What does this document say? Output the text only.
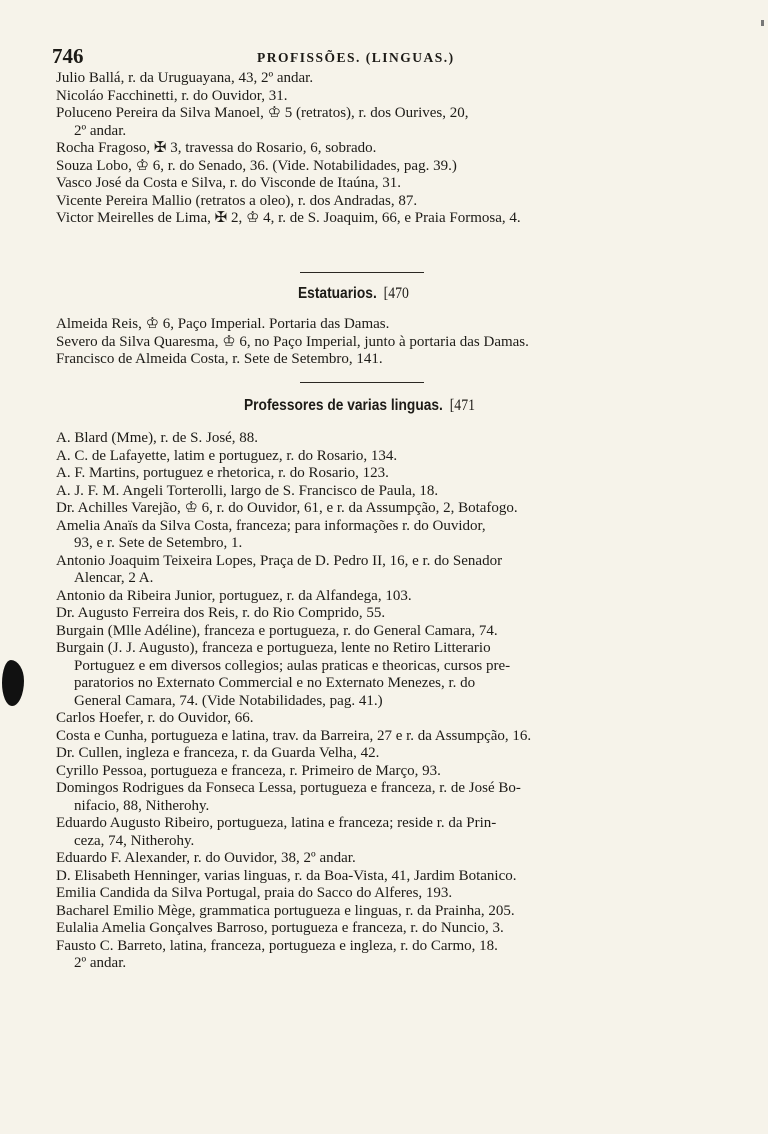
746	PROFISSÕES. (LINGUAS.)
Julio Ballá, r. da Uruguayana, 43, 2º andar.
Nicoláo Facchinetti, r. do Ouvidor, 31.
Poluceno Pereira da Silva Manoel, ♔ 5 (retratos), r. dos Ourives, 20,
2º andar.
Rocha Fragoso, ✠ 3, travessa do Rosario, 6, sobrado.
Souza Lobo, ♔ 6, r. do Senado, 36. (Vide. Notabilidades, pag. 39.)
Vasco José da Costa e Silva, r. do Visconde de Itaúna, 31.
Vicente Pereira Mallio (retratos a oleo), r. dos Andradas, 87.
Victor Meirelles de Lima, ✠ 2, ♔ 4, r. de S. Joaquim, 66, e Praia Formosa, 4.
Estatuarios. [470
Almeida Reis, ♔ 6, Paço Imperial. Portaria das Damas.
Severo da Silva Quaresma, ♔ 6, no Paço Imperial, junto à portaria das Damas.
Francisco de Almeida Costa, r. Sete de Setembro, 141.
Professores de varias linguas. [471
A. Blard (Mme), r. de S. José, 88.
A. C. de Lafayette, latim e portuguez, r. do Rosario, 134.
A. F. Martins, portuguez e rhetorica, r. do Rosario, 123.
A. J. F. M. Angeli Torterolli, largo de S. Francisco de Paula, 18.
Dr. Achilles Varejão, ♔ 6, r. do Ouvidor, 61, e r. da Assumpção, 2, Botafogo.
Amelia Anaïs da Silva Costa, franceza; para informações r. do Ouvidor,
93, e r. Sete de Setembro, 1.
Antonio Joaquim Teixeira Lopes, Praça de D. Pedro II, 16, e r. do Senador
Alencar, 2 A.
Antonio da Ribeira Junior, portuguez, r. da Alfandega, 103.
Dr. Augusto Ferreira dos Reis, r. do Rio Comprido, 55.
Burgain (Mlle Adéline), franceza e portugueza, r. do General Camara, 74.
Burgain (J. J. Augusto), franceza e portugueza, lente no Retiro Litterario
Portuguez e em diversos collegios; aulas praticas e theoricas, cursos pre-
paratorios no Externato Commercial e no Externato Menezes, r. do
General Camara, 74. (Vide Notabilidades, pag. 41.)
Carlos Hoefer, r. do Ouvidor, 66.
Costa e Cunha, portugueza e latina, trav. da Barreira, 27 e r. da Assumpção, 16.
Dr. Cullen, ingleza e franceza, r. da Guarda Velha, 42.
Cyrillo Pessoa, portugueza e franceza, r. Primeiro de Março, 93.
Domingos Rodrigues da Fonseca Lessa, portugueza e franceza, r. de José Bo-
nifacio, 88, Nitherohy.
Eduardo Augusto Ribeiro, portugueza, latina e franceza; reside r. da Prin-
ceza, 74, Nitherohy.
Eduardo F. Alexander, r. do Ouvidor, 38, 2º andar.
D. Elisabeth Henninger, varias linguas, r. da Boa-Vista, 41, Jardim Botanico.
Emilia Candida da Silva Portugal, praia do Sacco do Alferes, 193.
Bacharel Emilio Mège, grammatica portugueza e linguas, r. da Prainha, 205.
Eulalia Amelia Gonçalves Barroso, portugueza e franceza, r. do Nuncio, 3.
Fausto C. Barreto, latina, franceza, portugueza e ingleza, r. do Carmo, 18.
2º andar.
